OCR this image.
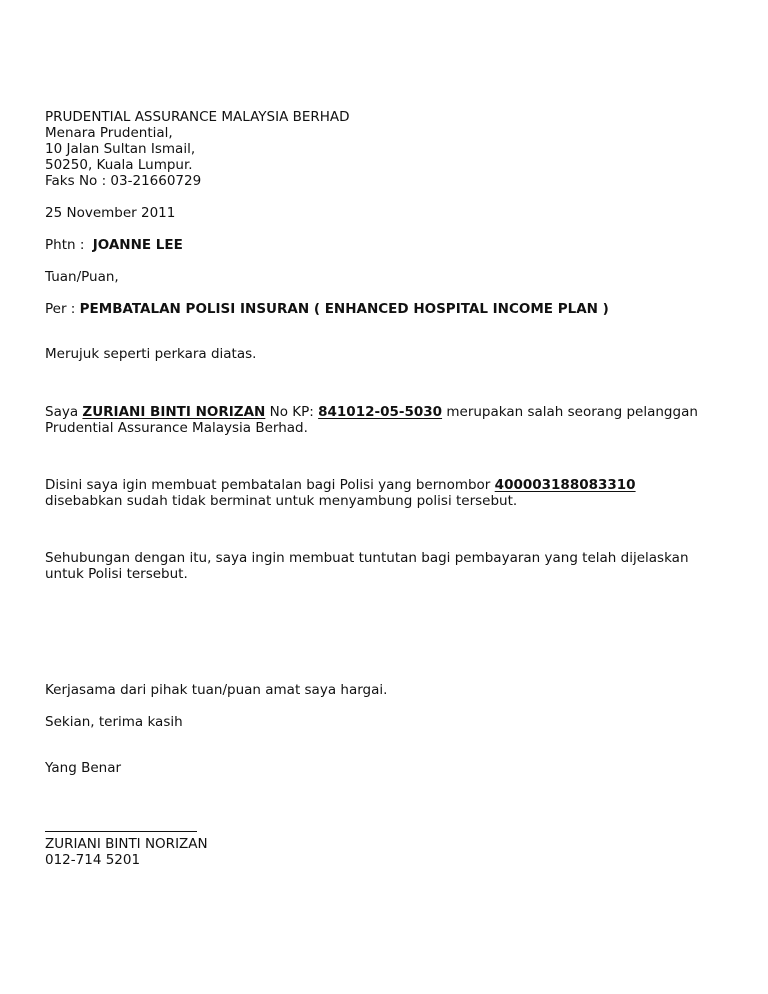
PRUDENTIAL ASSURANCE MALAYSIA BERHAD
Menara Prudential,
10 Jalan Sultan Ismail,
50250, Kuala Lumpur.
Faks No : 03-21660729
25 November 2011
Phtn : JOANNE LEE
Tuan/Puan,
Per : PEMBATALAN POLISI INSURAN ( ENHANCED HOSPITAL INCOME PLAN )
Merujuk seperti perkara diatas.
Saya ZURIANI BINTI NORIZAN No KP: 841012-05-5030 merupakan salah seorang pelanggan
Prudential Assurance Malaysia Berhad.
Disini saya igin membuat pembatalan bagi Polisi yang bernombor 400003188083310
disebabkan sudah tidak berminat untuk menyambung polisi tersebut.
Sehubungan dengan itu, saya ingin membuat tuntutan bagi pembayaran yang telah dijelaskan
untuk Polisi tersebut.
Kerjasama dari pihak tuan/puan amat saya hargai.
Sekian, terima kasih
Yang Benar
ZURIANI BINTI NORIZAN
012-714 5201
